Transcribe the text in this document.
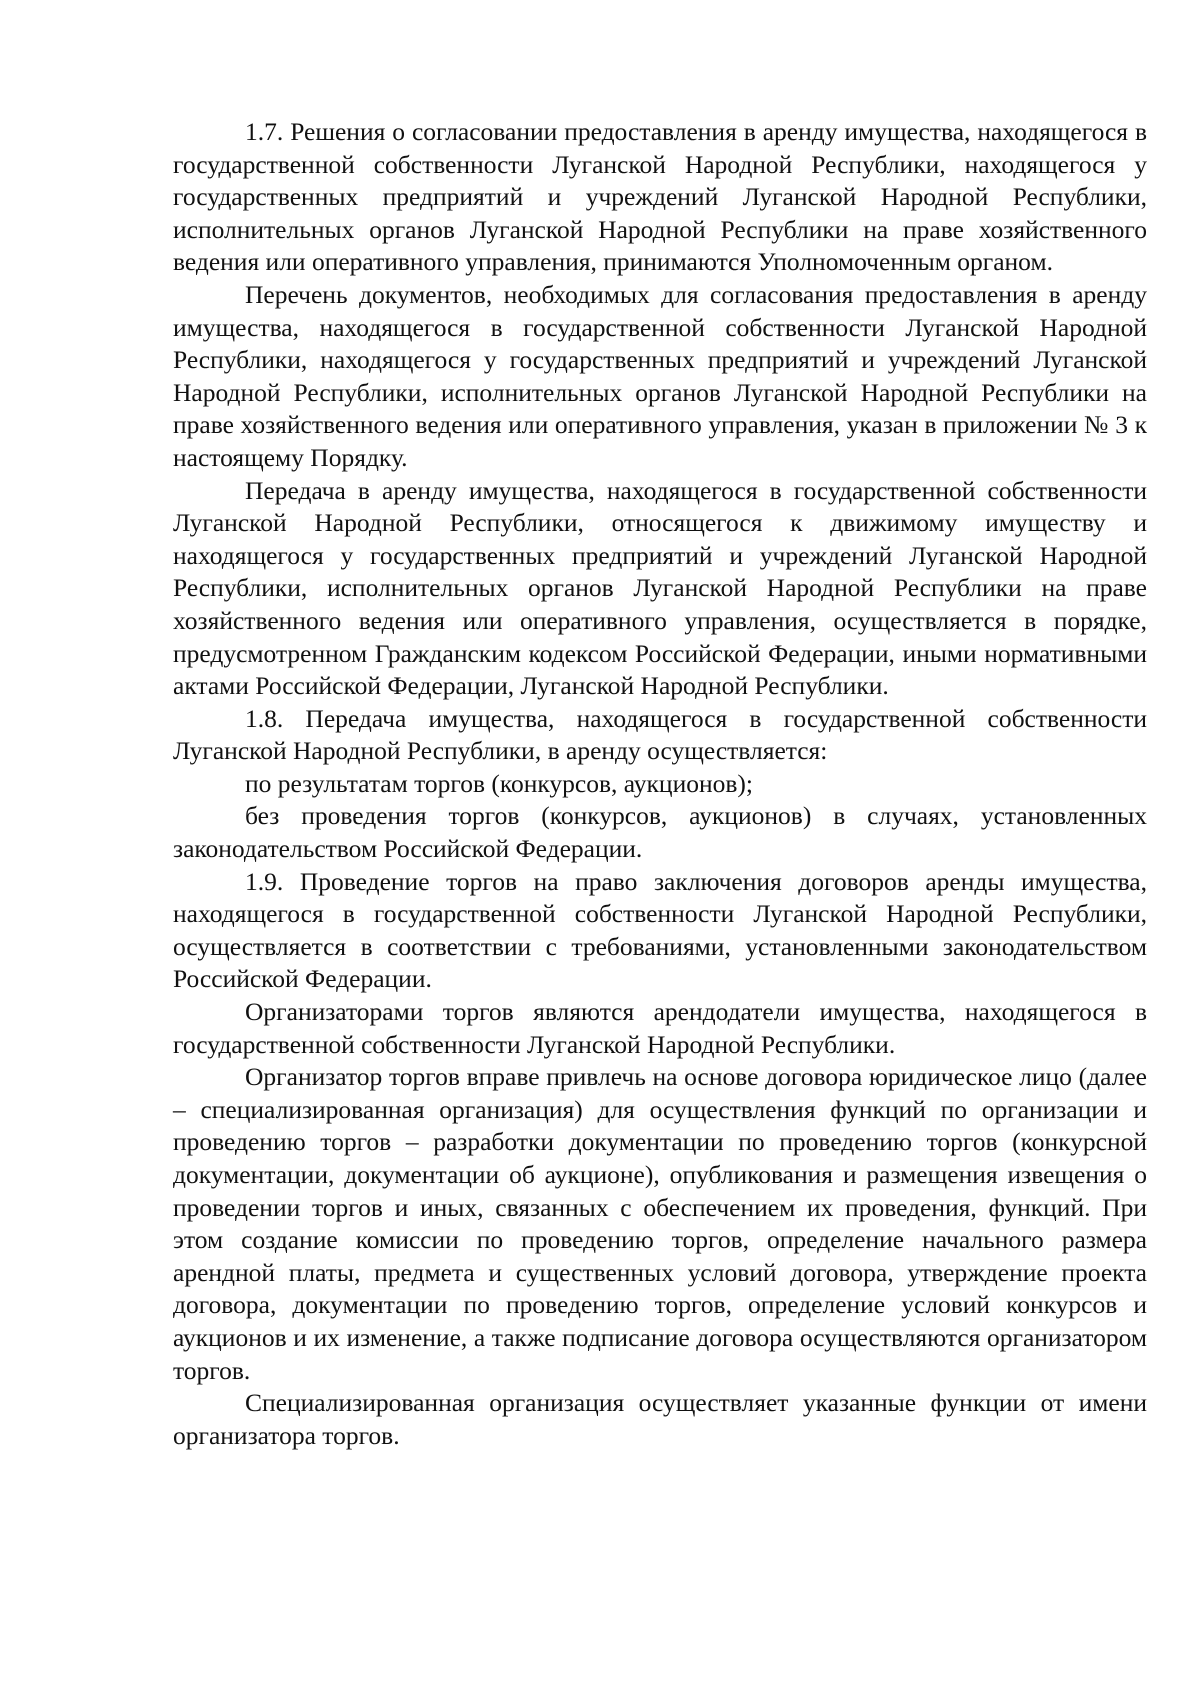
1.7. Решения о согласовании предоставления в аренду имущества, находящегося в государственной собственности Луганской Народной Республики, находящегося у государственных предприятий и учреждений Луганской Народной Республики, исполнительных органов Луганской Народной Республики на праве хозяйственного ведения или оперативного управления, принимаются Уполномоченным органом.

Перечень документов, необходимых для согласования предоставления в аренду имущества, находящегося в государственной собственности Луганской Народной Республики, находящегося у государственных предприятий и учреждений Луганской Народной Республики, исполнительных органов Луганской Народной Республики на праве хозяйственного ведения или оперативного управления, указан в приложении № 3 к настоящему Порядку.

Передача в аренду имущества, находящегося в государственной собственности Луганской Народной Республики, относящегося к движимому имуществу и находящегося у государственных предприятий и учреждений Луганской Народной Республики, исполнительных органов Луганской Народной Республики на праве хозяйственного ведения или оперативного управления, осуществляется в порядке, предусмотренном Гражданским кодексом Российской Федерации, иными нормативными актами Российской Федерации, Луганской Народной Республики.

1.8. Передача имущества, находящегося в государственной собственности Луганской Народной Республики, в аренду осуществляется:

по результатам торгов (конкурсов, аукционов);

без проведения торгов (конкурсов, аукционов) в случаях, установленных законодательством Российской Федерации.

1.9. Проведение торгов на право заключения договоров аренды имущества, находящегося в государственной собственности Луганской Народной Республики, осуществляется в соответствии с требованиями, установленными законодательством Российской Федерации.

Организаторами торгов являются арендодатели имущества, находящегося в государственной собственности Луганской Народной Республики.

Организатор торгов вправе привлечь на основе договора юридическое лицо (далее – специализированная организация) для осуществления функций по организации и проведению торгов – разработки документации по проведению торгов (конкурсной документации, документации об аукционе), опубликования и размещения извещения о проведении торгов и иных, связанных с обеспечением их проведения, функций. При этом создание комиссии по проведению торгов, определение начального размера арендной платы, предмета и существенных условий договора, утверждение проекта договора, документации по проведению торгов, определение условий конкурсов и аукционов и их изменение, а также подписание договора осуществляются организатором торгов.

Специализированная организация осуществляет указанные функции от имени организатора торгов.
